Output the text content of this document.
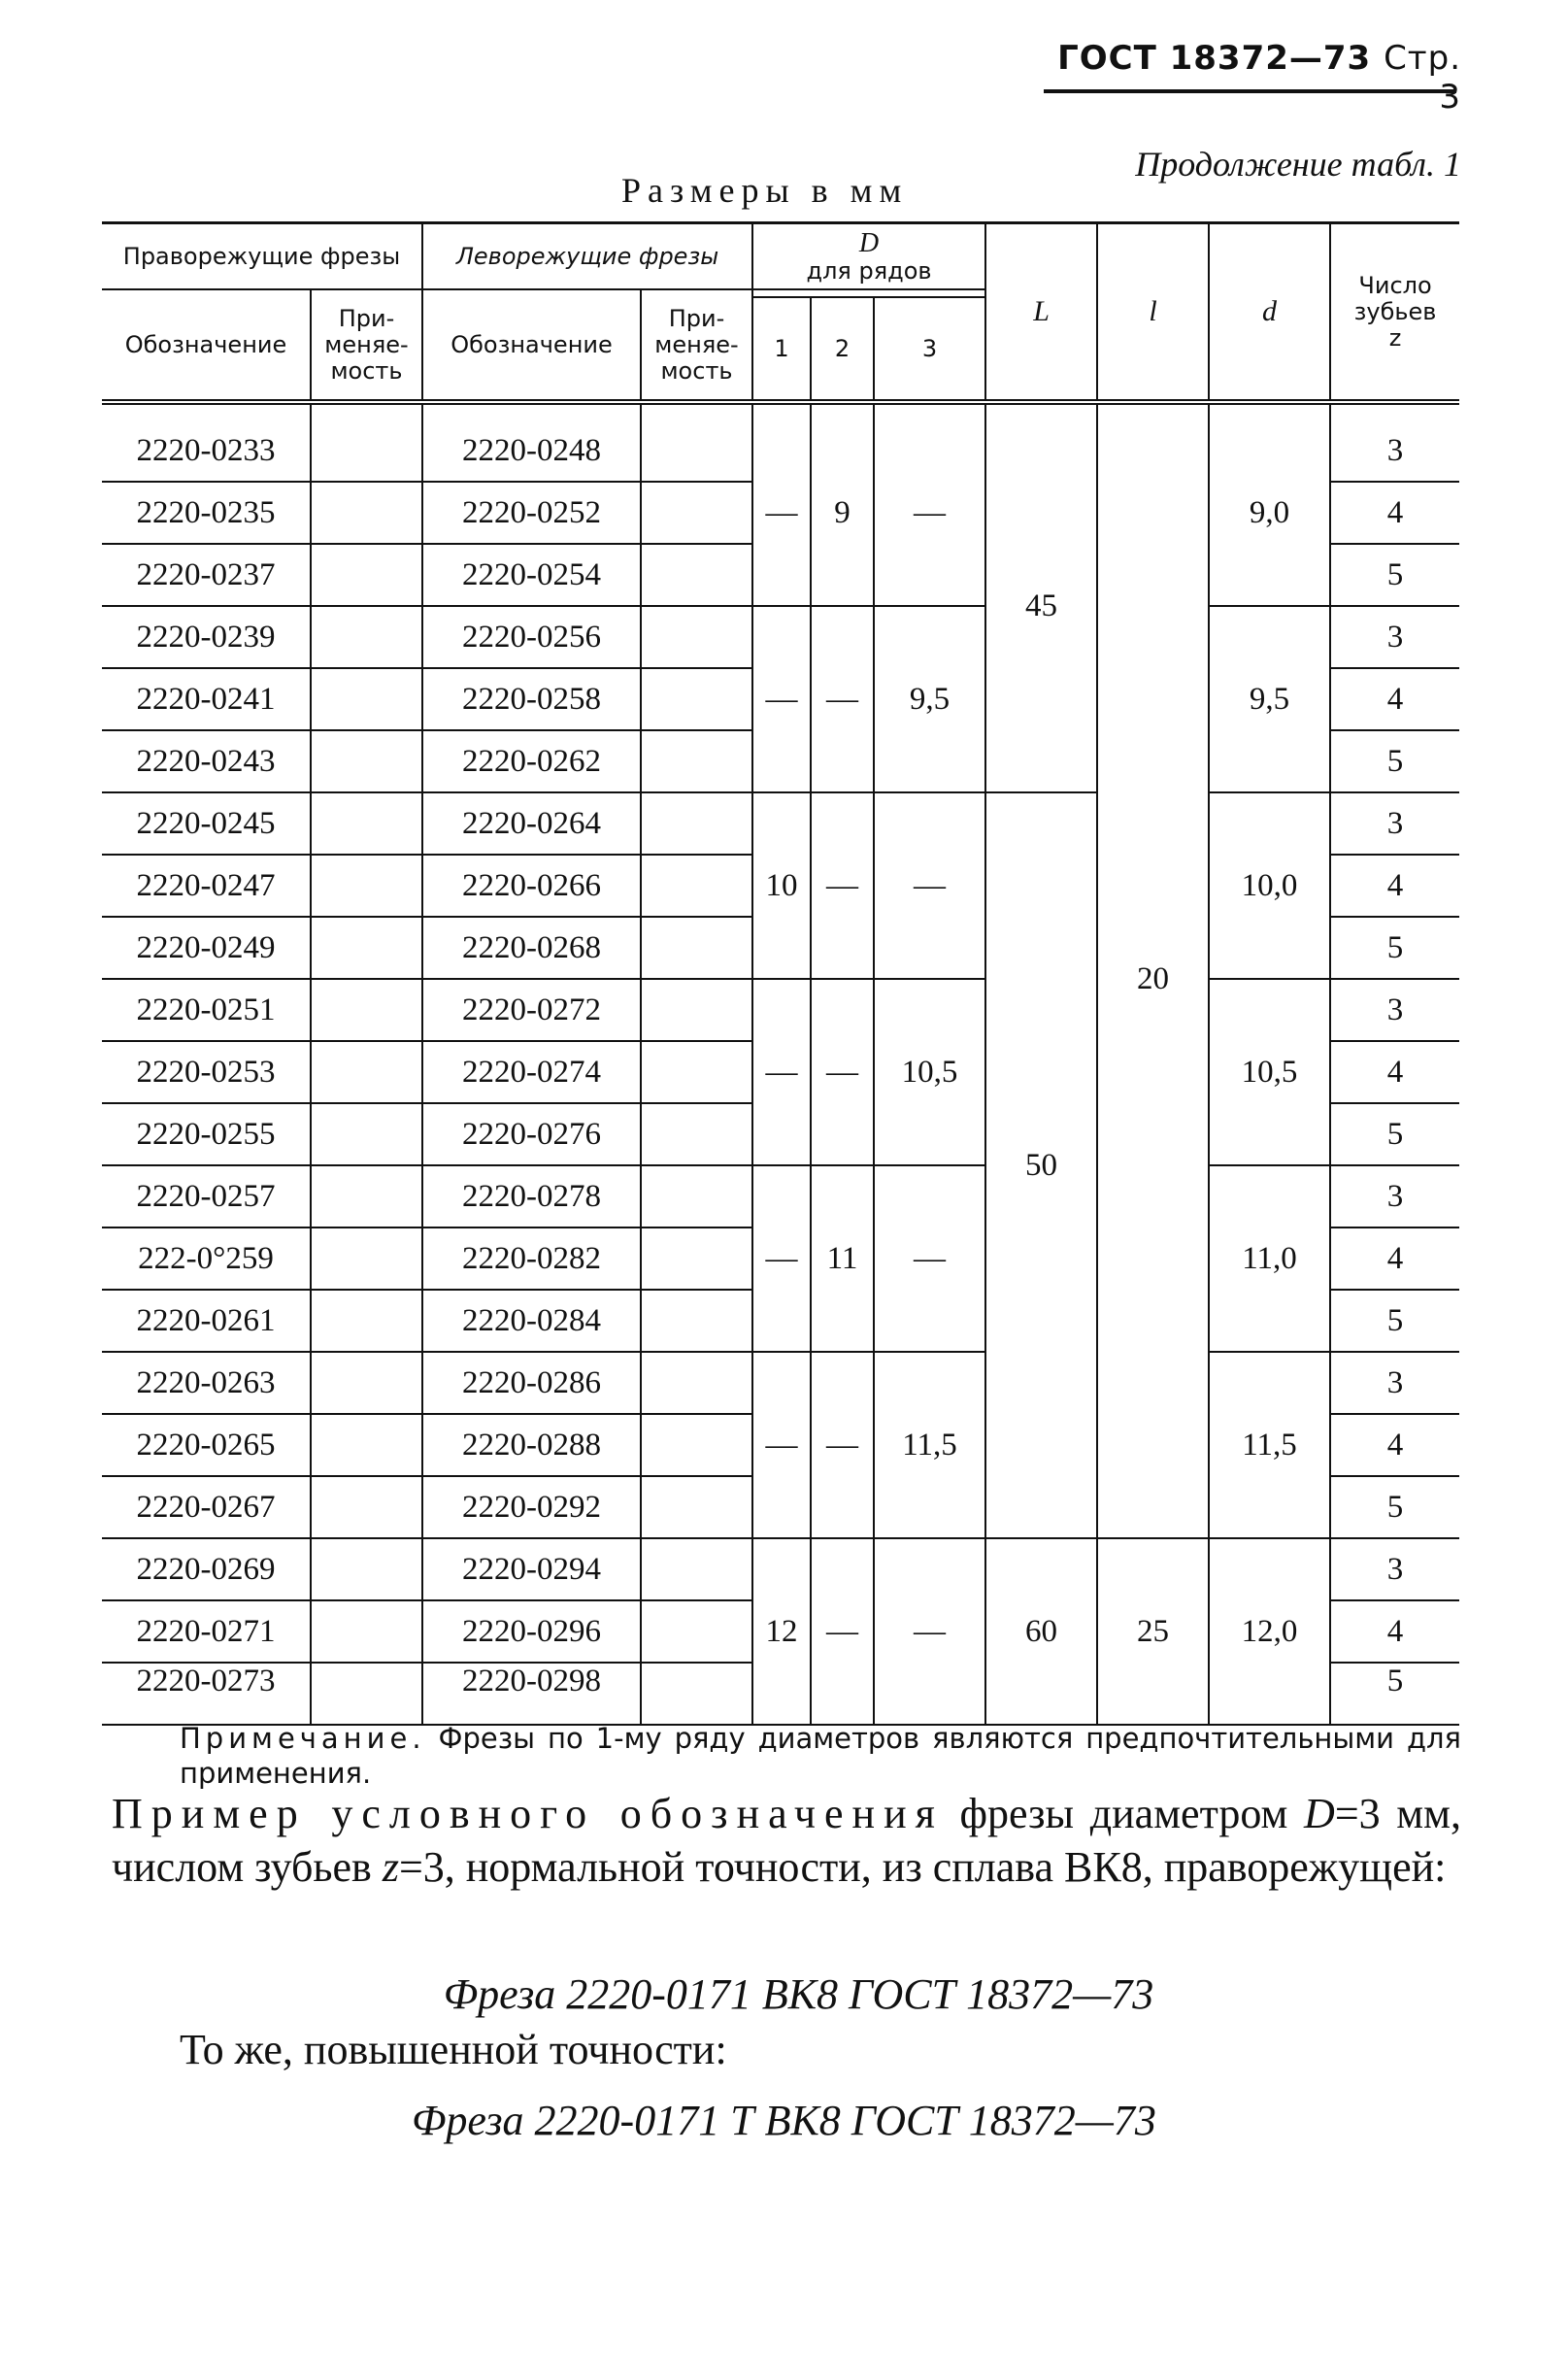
ГОСТ 18372—73 Стр. 3
Продолжение табл. 1
Размеры в мм
Праворежущие фрезы		Леворежущие фрезы		D
для рядов			L	l	d	Число
зубьев
z
Обозначение	При-
меняе-
мость	Обозначение	При-
меняе-
мость							
				1	2	3				
2220-0233		2220-0248		—	9	—	45	20	9,0	3
2220-0235		2220-0252								4
2220-0237		2220-0254								5
2220-0239		2220-0256		—	—	9,5			9,5	3
2220-0241		2220-0258								4
2220-0243		2220-0262								5
2220-0245		2220-0264		10	—	—	50		10,0	3
2220-0247		2220-0266								4
2220-0249		2220-0268								5
2220-0251		2220-0272		—	—	10,5			10,5	3
2220-0253		2220-0274								4
2220-0255		2220-0276								5
2220-0257		2220-0278		—	11	—			11,0	3
222-0°259		2220-0282								4
2220-0261		2220-0284								5
2220-0263		2220-0286		—	—	11,5			11,5	3
2220-0265		2220-0288								4
2220-0267		2220-0292								5
2220-0269		2220-0294		12	—	—	60	25	12,0	3
2220-0271		2220-0296								4
2220-0273		2220-0298								5
Примечание. Фрезы по 1-му ряду диаметров являются предпочтительными для применения.
Пример условного обозначения фрезы диаметром D=3 мм, числом зубьев z=3, нормальной точности, из сплава ВК8, праворежущей:
Фреза 2220-0171 ВК8 ГОСТ 18372—73
То же, повышенной точности:
Фреза 2220-0171 Т ВК8 ГОСТ 18372—73
